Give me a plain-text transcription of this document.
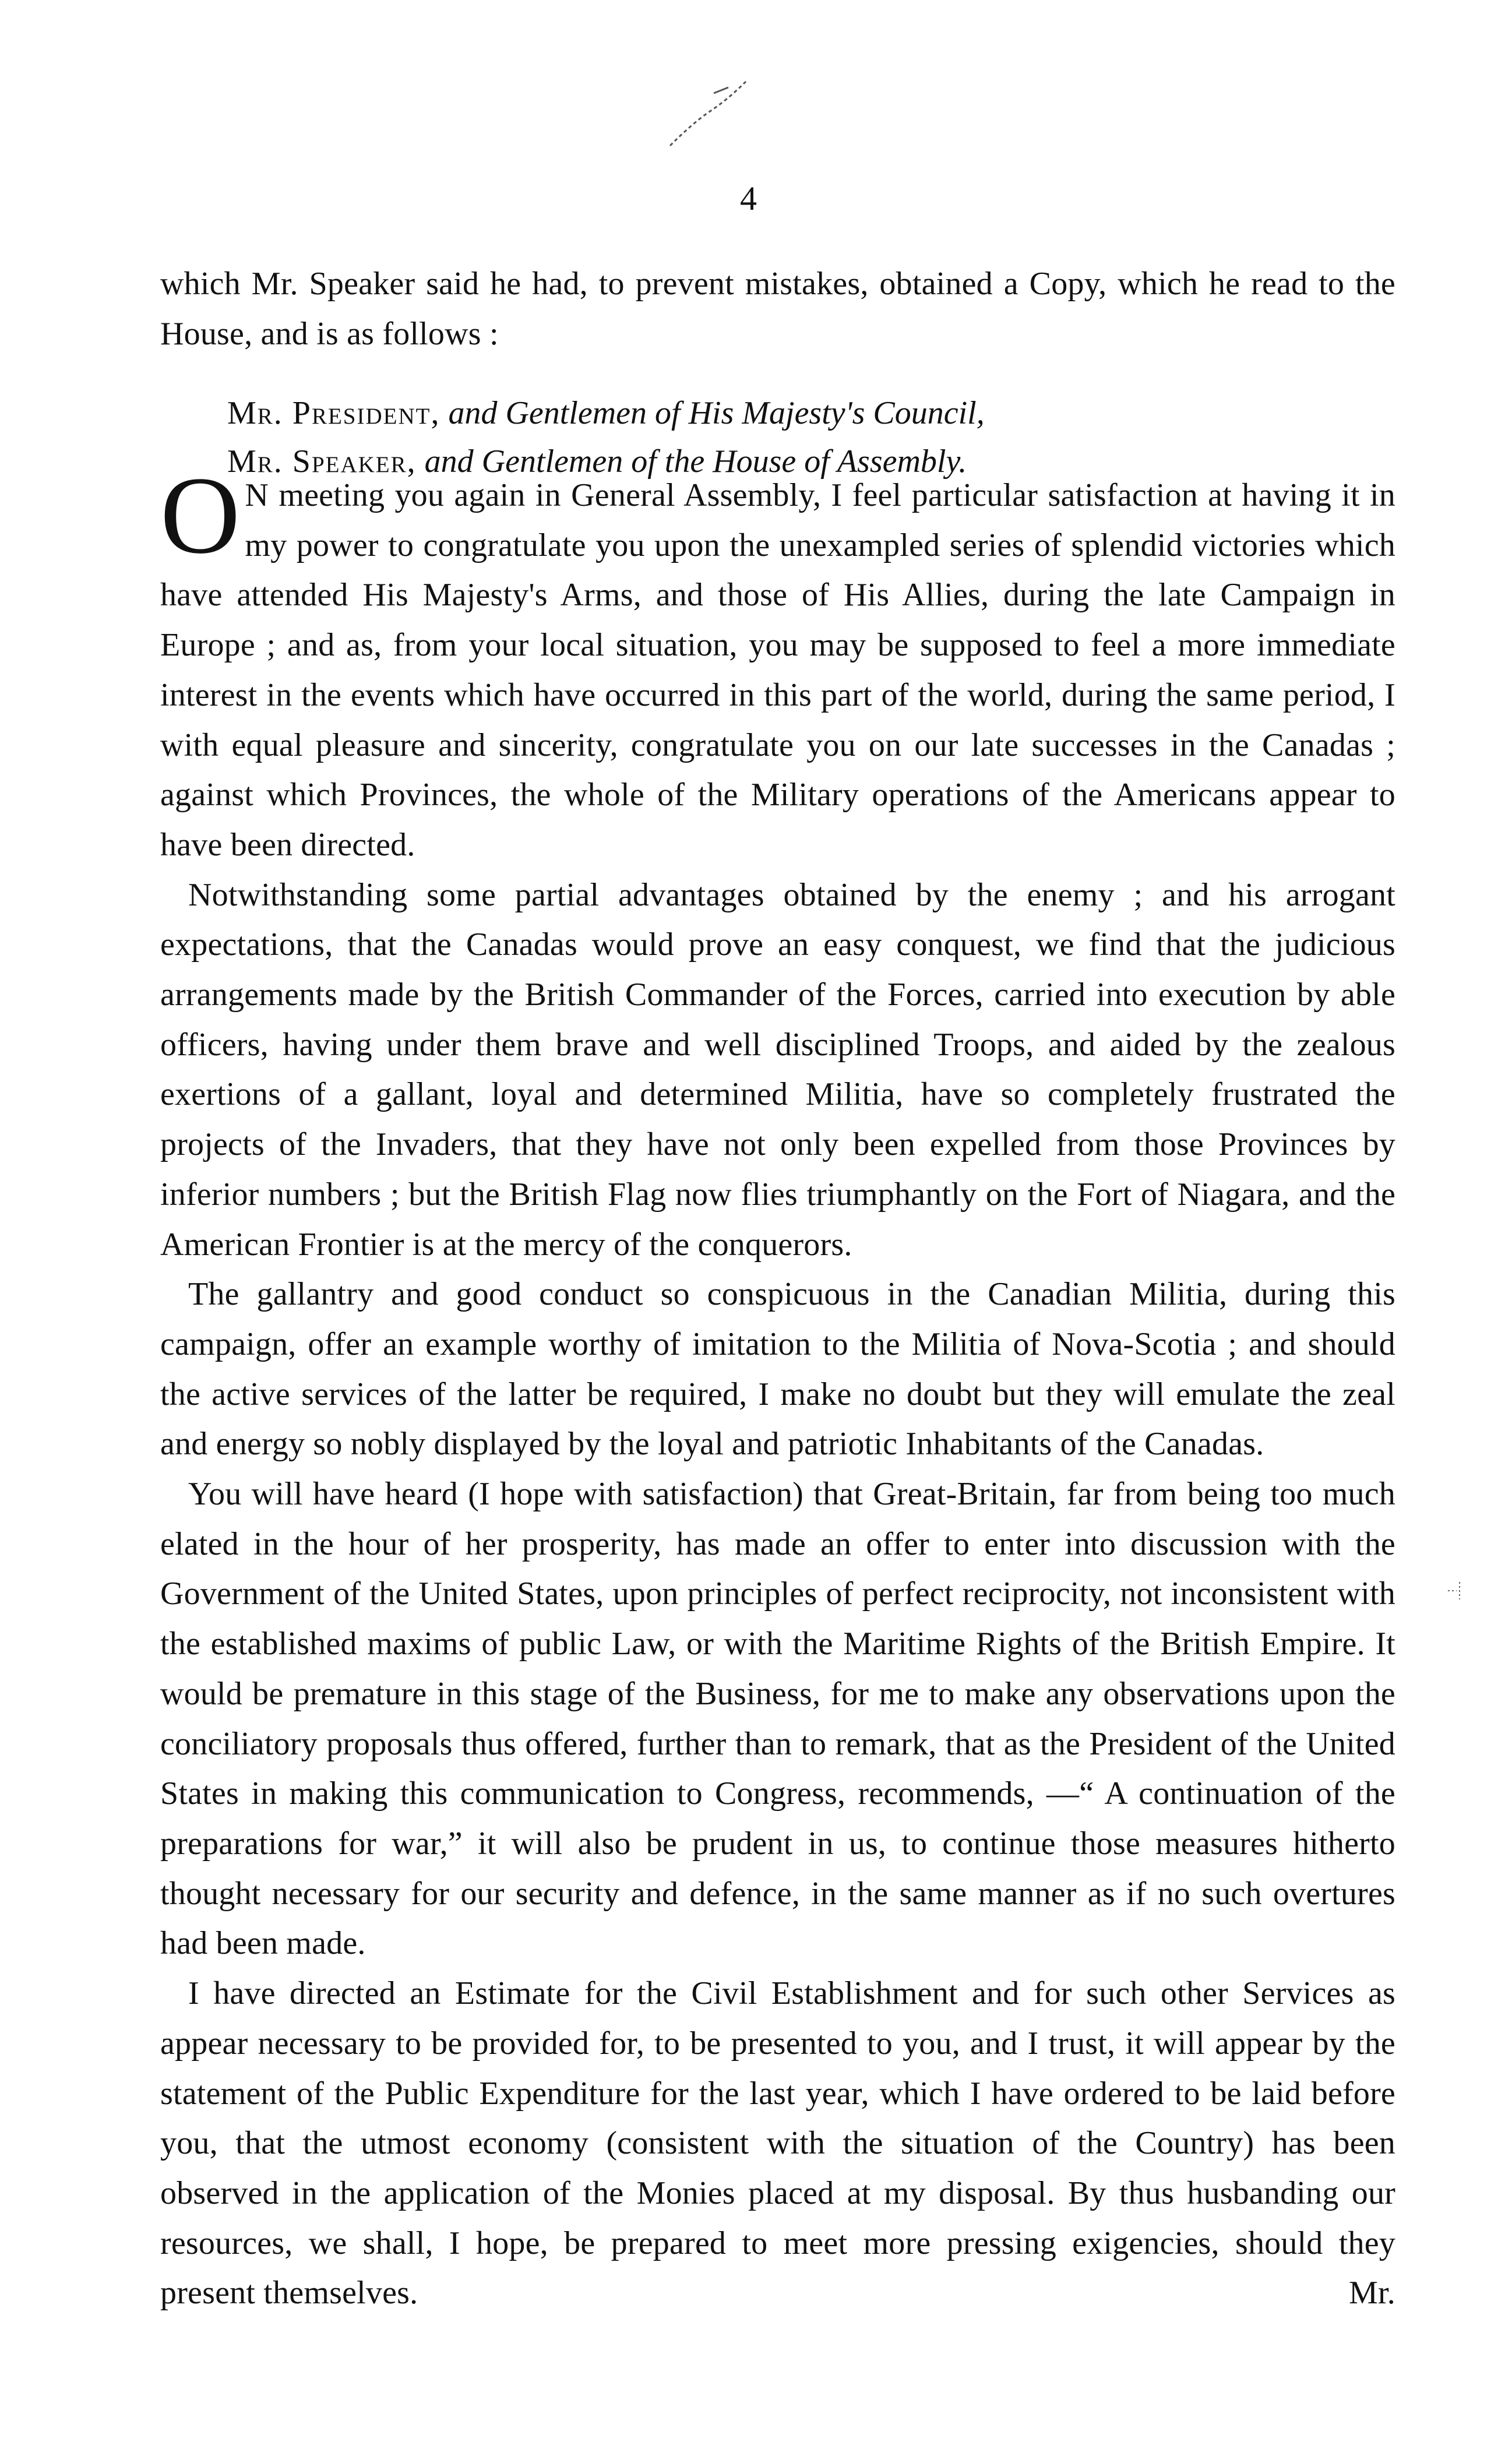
4
which Mr. Speaker said he had, to prevent mistakes, obtained a Copy, which he read to the House, and is as follows :
Mr. President, and Gentlemen of His Majesty's Council,
Mr. Speaker, and Gentlemen of the House of Assembly.

O N meeting you again in General Assembly, I feel particular satisfaction at having it in my power to congratulate you upon the unexampled series of splendid victories which have attended His Majesty's Arms, and those of His Allies, during the late Campaign in Europe ; and as, from your local situation, you may be supposed to feel a more immediate interest in the events which have occurred in this part of the world, during the same period, I with equal pleasure and sincerity, congratulate you on our late successes in the Canadas ; against which Provinces, the whole of the Military operations of the Americans appear to have been directed.

Notwithstanding some partial advantages obtained by the enemy ; and his arrogant expectations, that the Canadas would prove an easy conquest, we find that the judicious arrangements made by the British Commander of the Forces, carried into execution by able officers, having under them brave and well disciplined Troops, and aided by the zealous exertions of a gallant, loyal and determined Militia, have so completely frustrated the projects of the Invaders, that they have not only been expelled from those Provinces by inferior numbers ; but the British Flag now flies triumphantly on the Fort of Niagara, and the American Frontier is at the mercy of the conquerors.

The gallantry and good conduct so conspicuous in the Canadian Militia, during this campaign, offer an example worthy of imitation to the Militia of Nova-Scotia ; and should the active services of the latter be required, I make no doubt but they will emulate the zeal and energy so nobly displayed by the loyal and patriotic Inhabitants of the Canadas.

You will have heard (I hope with satisfaction) that Great-Britain, far from being too much elated in the hour of her prosperity, has made an offer to enter into discussion with the Government of the United States, upon principles of perfect reciprocity, not inconsistent with the established maxims of public Law, or with the Maritime Rights of the British Empire. It would be premature in this stage of the Business, for me to make any observations upon the conciliatory proposals thus offered, further than to remark, that as the President of the United States in making this communication to Congress, recommends, —“ A continuation of the preparations for war,” it will also be prudent in us, to continue those measures hitherto thought necessary for our security and defence, in the same manner as if no such overtures had been made.

I have directed an Estimate for the Civil Establishment and for such other Services as appear necessary to be provided for, to be presented to you, and I trust, it will appear by the statement of the Public Expenditure for the last year, which I have ordered to be laid before you, that the utmost economy (consistent with the situation of the Country) has been observed in the application of the Monies placed at my disposal. By thus husbanding our resources, we shall, I hope, be prepared to meet more pressing exigencies, should they present themselves.	Mr.
